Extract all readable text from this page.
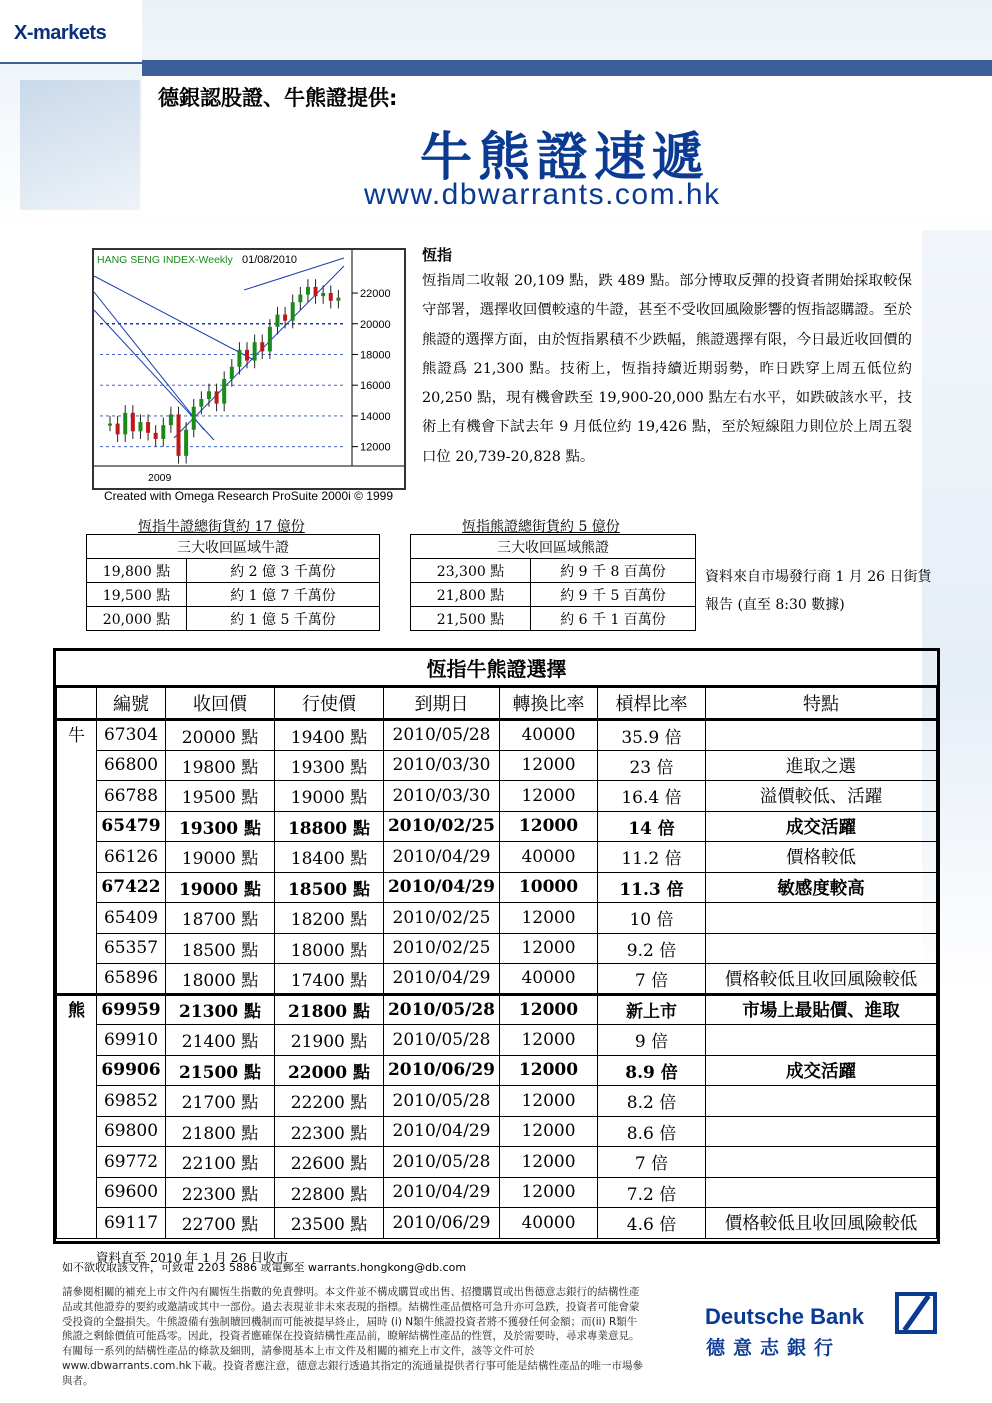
X-markets
德銀認股證、牛熊證提供:
牛熊證速遞
www.dbwarrants.com.hk
HANG SENG INDEX-Weekly 01/08/2010
2009
22000
20000
18000
16000
14000
12000
Created with Omega Research ProSuite 2000i © 1999
恆指
恆指周二收報 20,109 點，跌 489 點。部分博取反彈的投資者開始採取較保守部署，選擇收回價較遠的牛證，甚至不受收回風險影響的恆指認購證。至於熊證的選擇方面，由於恆指累積不少跌幅，熊證選擇有限，今日最近收回價的熊證爲 21,300 點。技術上，恆指持續近期弱勢，昨日跌穿上周五低位約 20,250 點，現有機會跌至 19,900-20,000 點左右水平，如跌破該水平，技術上有機會下試去年 9 月低位約 19,426 點，至於短線阻力則位於上周五裂口位 20,739-20,828 點。
恆指牛證總街貨約 17 億份
三大收回區域牛證	
19,800 點	約 2 億 3 千萬份
19,500 點	約 1 億 7 千萬份
20,000 點	約 1 億 5 千萬份
恆指熊證總街貨約 5 億份
三大收回區域熊證	
23,300 點	約 9 千 8 百萬份
21,800 點	約 9 千 5 百萬份
21,500 點	約 6 千 1 百萬份
資料來自市場發行商 1 月 26 日街貨報告 (直至 8:30 數據)
恆指牛熊證選擇
	編號	收回價	行使價	到期日	轉換比率	槓桿比率	特點
牛	67304	20000 點	19400 點	2010/05/28	40000	35.9 倍	
	66800	19800 點	19300 點	2010/03/30	12000	23 倍	進取之選
	66788	19500 點	19000 點	2010/03/30	12000	16.4 倍	溢價較低、活躍
	65479	19300 點	18800 點	2010/02/25	12000	14 倍	成交活躍
	66126	19000 點	18400 點	2010/04/29	40000	11.2 倍	價格較低
	67422	19000 點	18500 點	2010/04/29	10000	11.3 倍	敏感度較高
	65409	18700 點	18200 點	2010/02/25	12000	10 倍	
	65357	18500 點	18000 點	2010/02/25	12000	9.2 倍	
	65896	18000 點	17400 點	2010/04/29	40000	7 倍	價格較低且收回風險較低
熊	69959	21300 點	21800 點	2010/05/28	12000	新上市	市場上最貼價、進取
	69910	21400 點	21900 點	2010/05/28	12000	9 倍	
	69906	21500 點	22000 點	2010/06/29	12000	8.9 倍	成交活躍
	69852	21700 點	22200 點	2010/05/28	12000	8.2 倍	
	69800	21800 點	22300 點	2010/04/29	12000	8.6 倍	
	69772	22100 點	22600 點	2010/05/28	12000	7 倍	
	69600	22300 點	22800 點	2010/04/29	12000	7.2 倍	
	69117	22700 點	23500 點	2010/06/29	40000	4.6 倍	價格較低且收回風險較低
資料直至 2010 年 1 月 26 日收市
如不欲收取該文件，可致電 2203 5886 或電郵至 warrants.hongkong@db.com
請參閱相關的補充上市文件內有關恆生指數的免責聲明。本文件並不構成購買或出售、招攬購買或出售德意志銀行的結構性產品或其他證券的要約或邀請或其中一部份。過去表現並非未來表現的指標。結構性產品價格可急升亦可急跌，投資者可能會蒙受投資的全盤損失。牛熊證備有強制贖回機制而可能被提早終止，屆時 (i) N類牛熊證投資者將不獲發任何金額；而(ii) R類牛熊證之剩餘價值可能爲零。因此，投資者應確保在投資結構性產品前，瞭解結構性產品的性質，及於需要時，尋求專業意見。有關每一系列的結構性產品的條款及細則，請參閱基本上市文件及相關的補充上市文件，該等文件可於www.dbwarrants.com.hk下載。投資者應注意，德意志銀行透過其指定的流通量提供者行事可能是結構性產品的唯一市場參與者。
Deutsche Bank
德意志銀行
